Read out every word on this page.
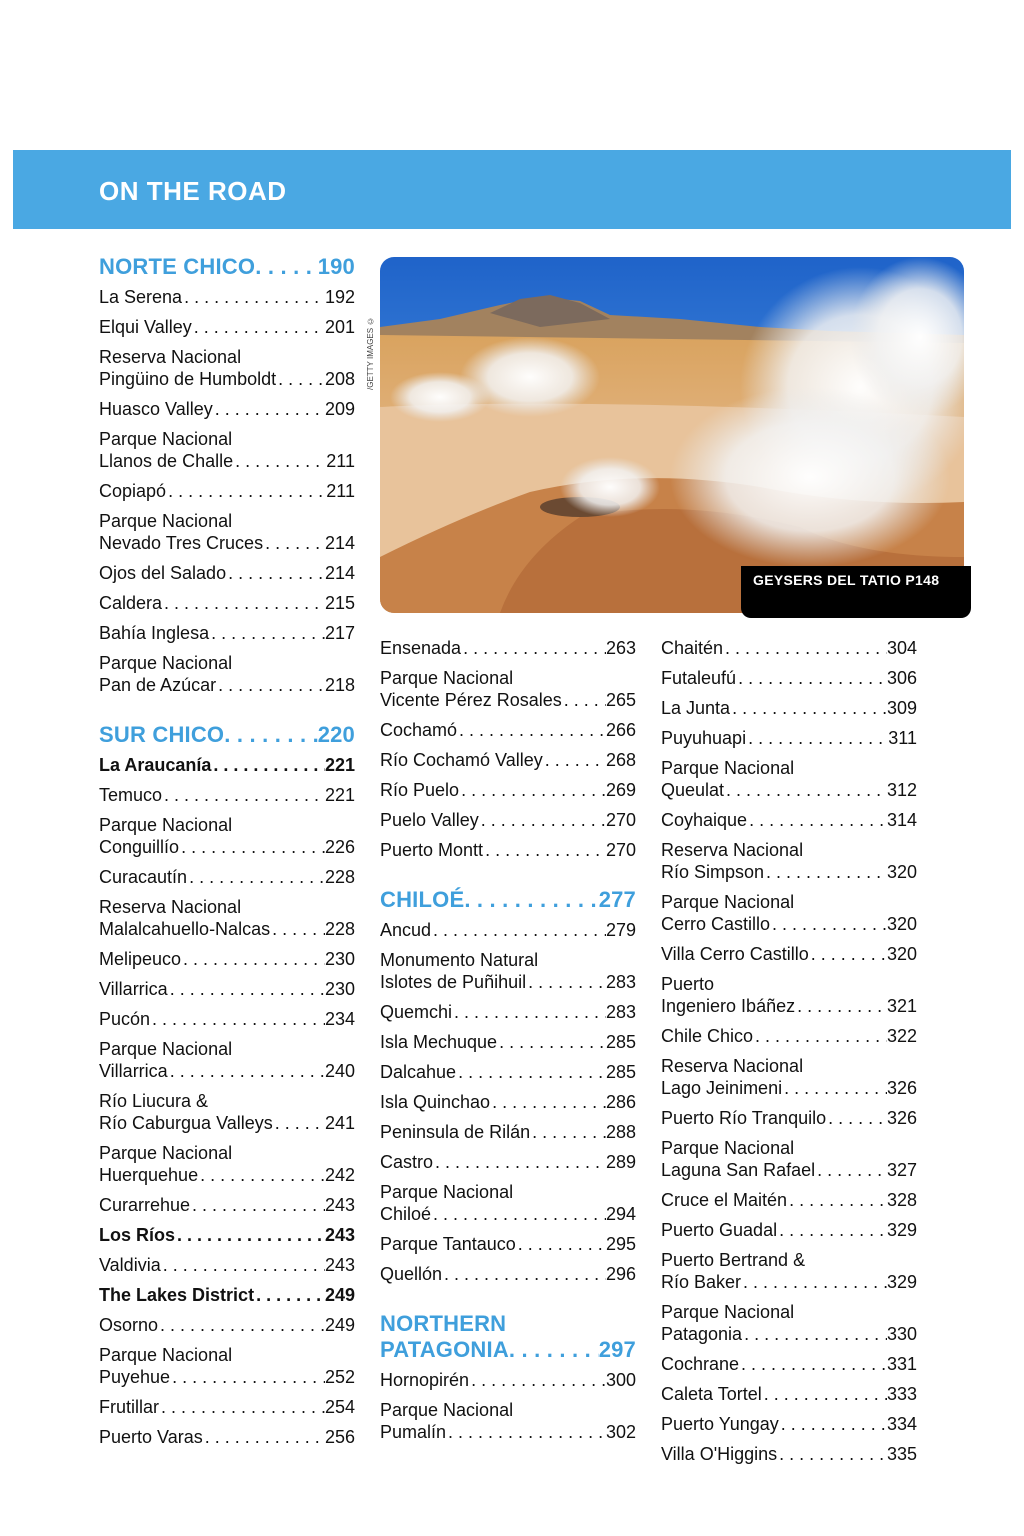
ON THE ROAD
NORTE CHICO . . .	190
La Serena . . .	192
Elqui Valley . . .	201
Reserva Nacional
Pingüino de Humboldt . . .	208
Huasco Valley . . .	209
Parque Nacional
Llanos de Challe . . .	211
Copiapó . . .	211
Parque Nacional
Nevado Tres Cruces . . .	214
Ojos del Salado . . .	214
Caldera . . .	215
Bahía Inglesa . . .	217
Parque Nacional
Pan de Azúcar . . .	218
SUR CHICO . . .	220
La Araucanía . . .	221
Temuco . . .	221
Parque Nacional
Conguillío . . .	226
Curacautín . . .	228
Reserva Nacional
Malalcahuello-Nalcas . . .	228
Melipeuco . . .	230
Villarrica . . .	230
Pucón . . .	234
Parque Nacional
Villarrica . . .	240
Río Liucura &
Río Caburgua Valleys . . .	241
Parque Nacional
Huerquehue . . .	242
Curarrehue . . .	243
Los Ríos . . .	243
Valdivia . . .	243
The Lakes District . . .	249
Osorno . . .	249
Parque Nacional
Puyehue . . .	252
Frutillar . . .	254
Puerto Varas . . .	256
Ensenada . . .	263
Parque Nacional
Vicente Pérez Rosales . . . 265
Cochamó . . .	266
Río Cochamó Valley . . .	268
Río Puelo . . .	269
Puelo Valley . . .	270
Puerto Montt . . .	270
CHILOÉ . . .	277
Ancud . . .	279
Monumento Natural
Islotes de Puñihuil . . .	283
Quemchi . . .	283
Isla Mechuque . . .	285
Dalcahue . . .	285
Isla Quinchao . . .	286
Peninsula de Rilán . . .	288
Castro . . .	289
Parque Nacional
Chiloé . . .	294
Parque Tantauco . . .	295
Quellón . . .	296
NORTHERN
PATAGONIA . . .	297
Hornopirén . . .	300
Parque Nacional
Pumalín . . .	302
Chaitén . . .	304
Futaleufú . . .	306
La Junta . . .	309
Puyuhuapi . . .	311
Parque Nacional
Queulat . . .	312
Coyhaique . . .	314
Reserva Nacional
Río Simpson . . .	320
Parque Nacional
Cerro Castillo . . .	320
Villa Cerro Castillo . . .	320
Puerto
Ingeniero Ibáñez . . .	321
Chile Chico . . .	322
Reserva Nacional
Lago Jeinimeni . . .	326
Puerto Río Tranquilo . . .	326
Parque Nacional
Laguna San Rafael . . .	327
Cruce el Maitén . . .	328
Puerto Guadal . . .	329
Puerto Bertrand &
Río Baker . . .	329
Parque Nacional
Patagonia . . .	330
Cochrane . . .	331
Caleta Tortel . . .	333
Puerto Yungay . . .	334
Villa O'Higgins . . .	335
/GETTY IMAGES ©
GEYSERS DEL TATIO P148
